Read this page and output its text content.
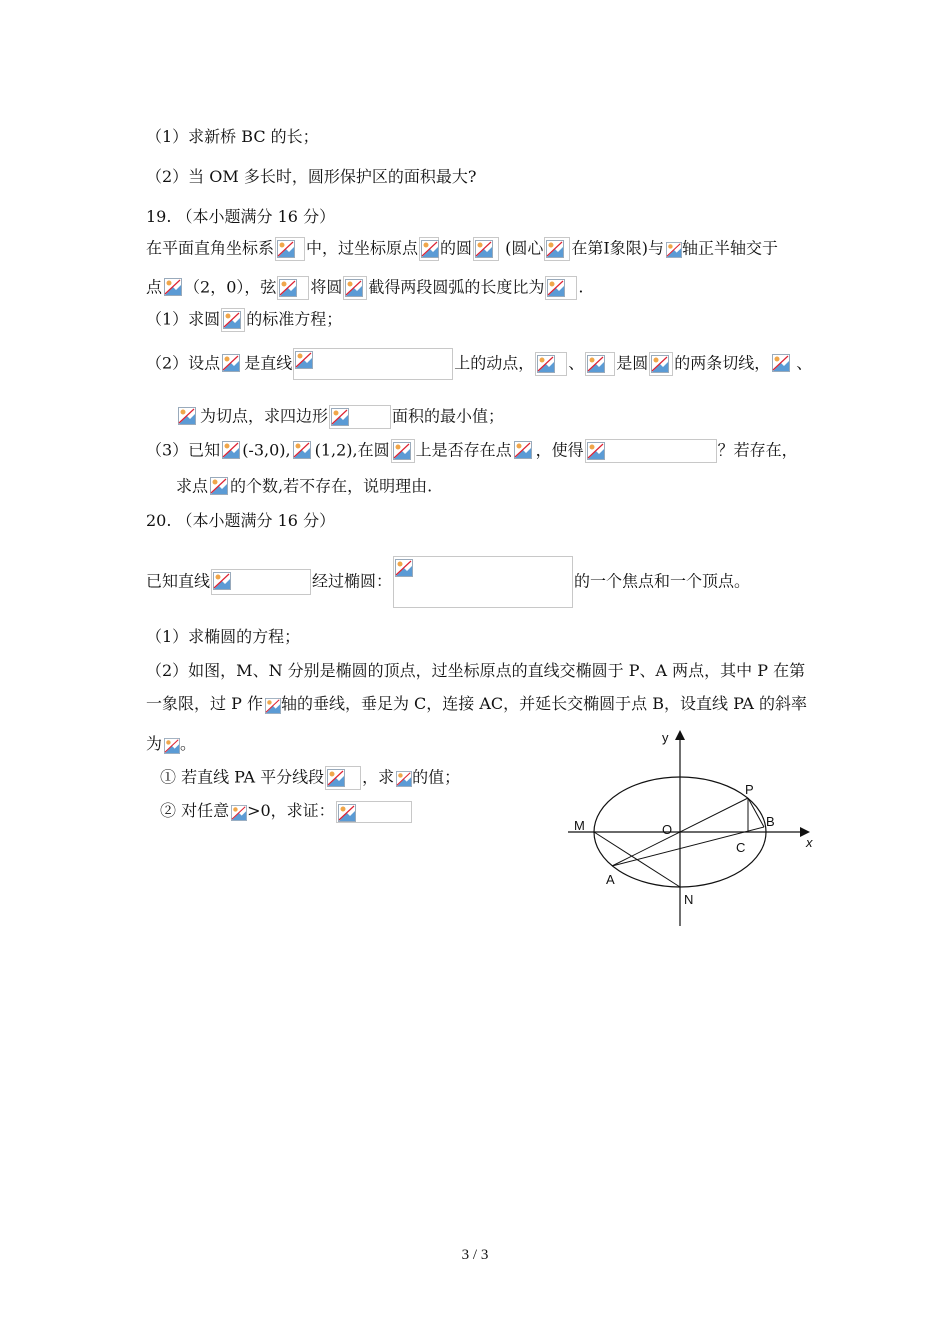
（1）求新桥 BC 的长；
（2）当 OM 多长时，圆形保护区的面积最大?
19. （本小题满分 16 分）
在平面直角坐标系 中，过坐标原点 的圆
(圆心 在第Ⅰ象限)与 轴正半轴交于
点 （2，0），弦 将圆 截得两段圆弧的长度比为 .
（1）求圆 的标准方程；
（2）设点 是直线	上的动点， 、 是圆 的两条切线， 、
为切点，求四边形	面积的最小值；
（3）已知 (-3,0), (1,2),在圆 上是否存在点 ，使得	？若存在，
求点 的个数,若不存在，说明理由.
20. （本小题满分 16 分）
已知直线	经过椭圆：	的一个焦点和一个顶点。
（1）求椭圆的方程；
（2）如图，M、N 分别是椭圆的顶点，过坐标原点的直线交椭圆于 P、A 两点，其中 P 在第
一象限，过 P 作 轴的垂线，垂足为 C，连接 AC，并延长交椭圆于点 B，设直线 PA 的斜率
为 。
① 若直线 PA 平分线段 ，求 的值；
② 对任意 >0，求证：
y
x
M	O
P
B
C
A
N
3 / 3
